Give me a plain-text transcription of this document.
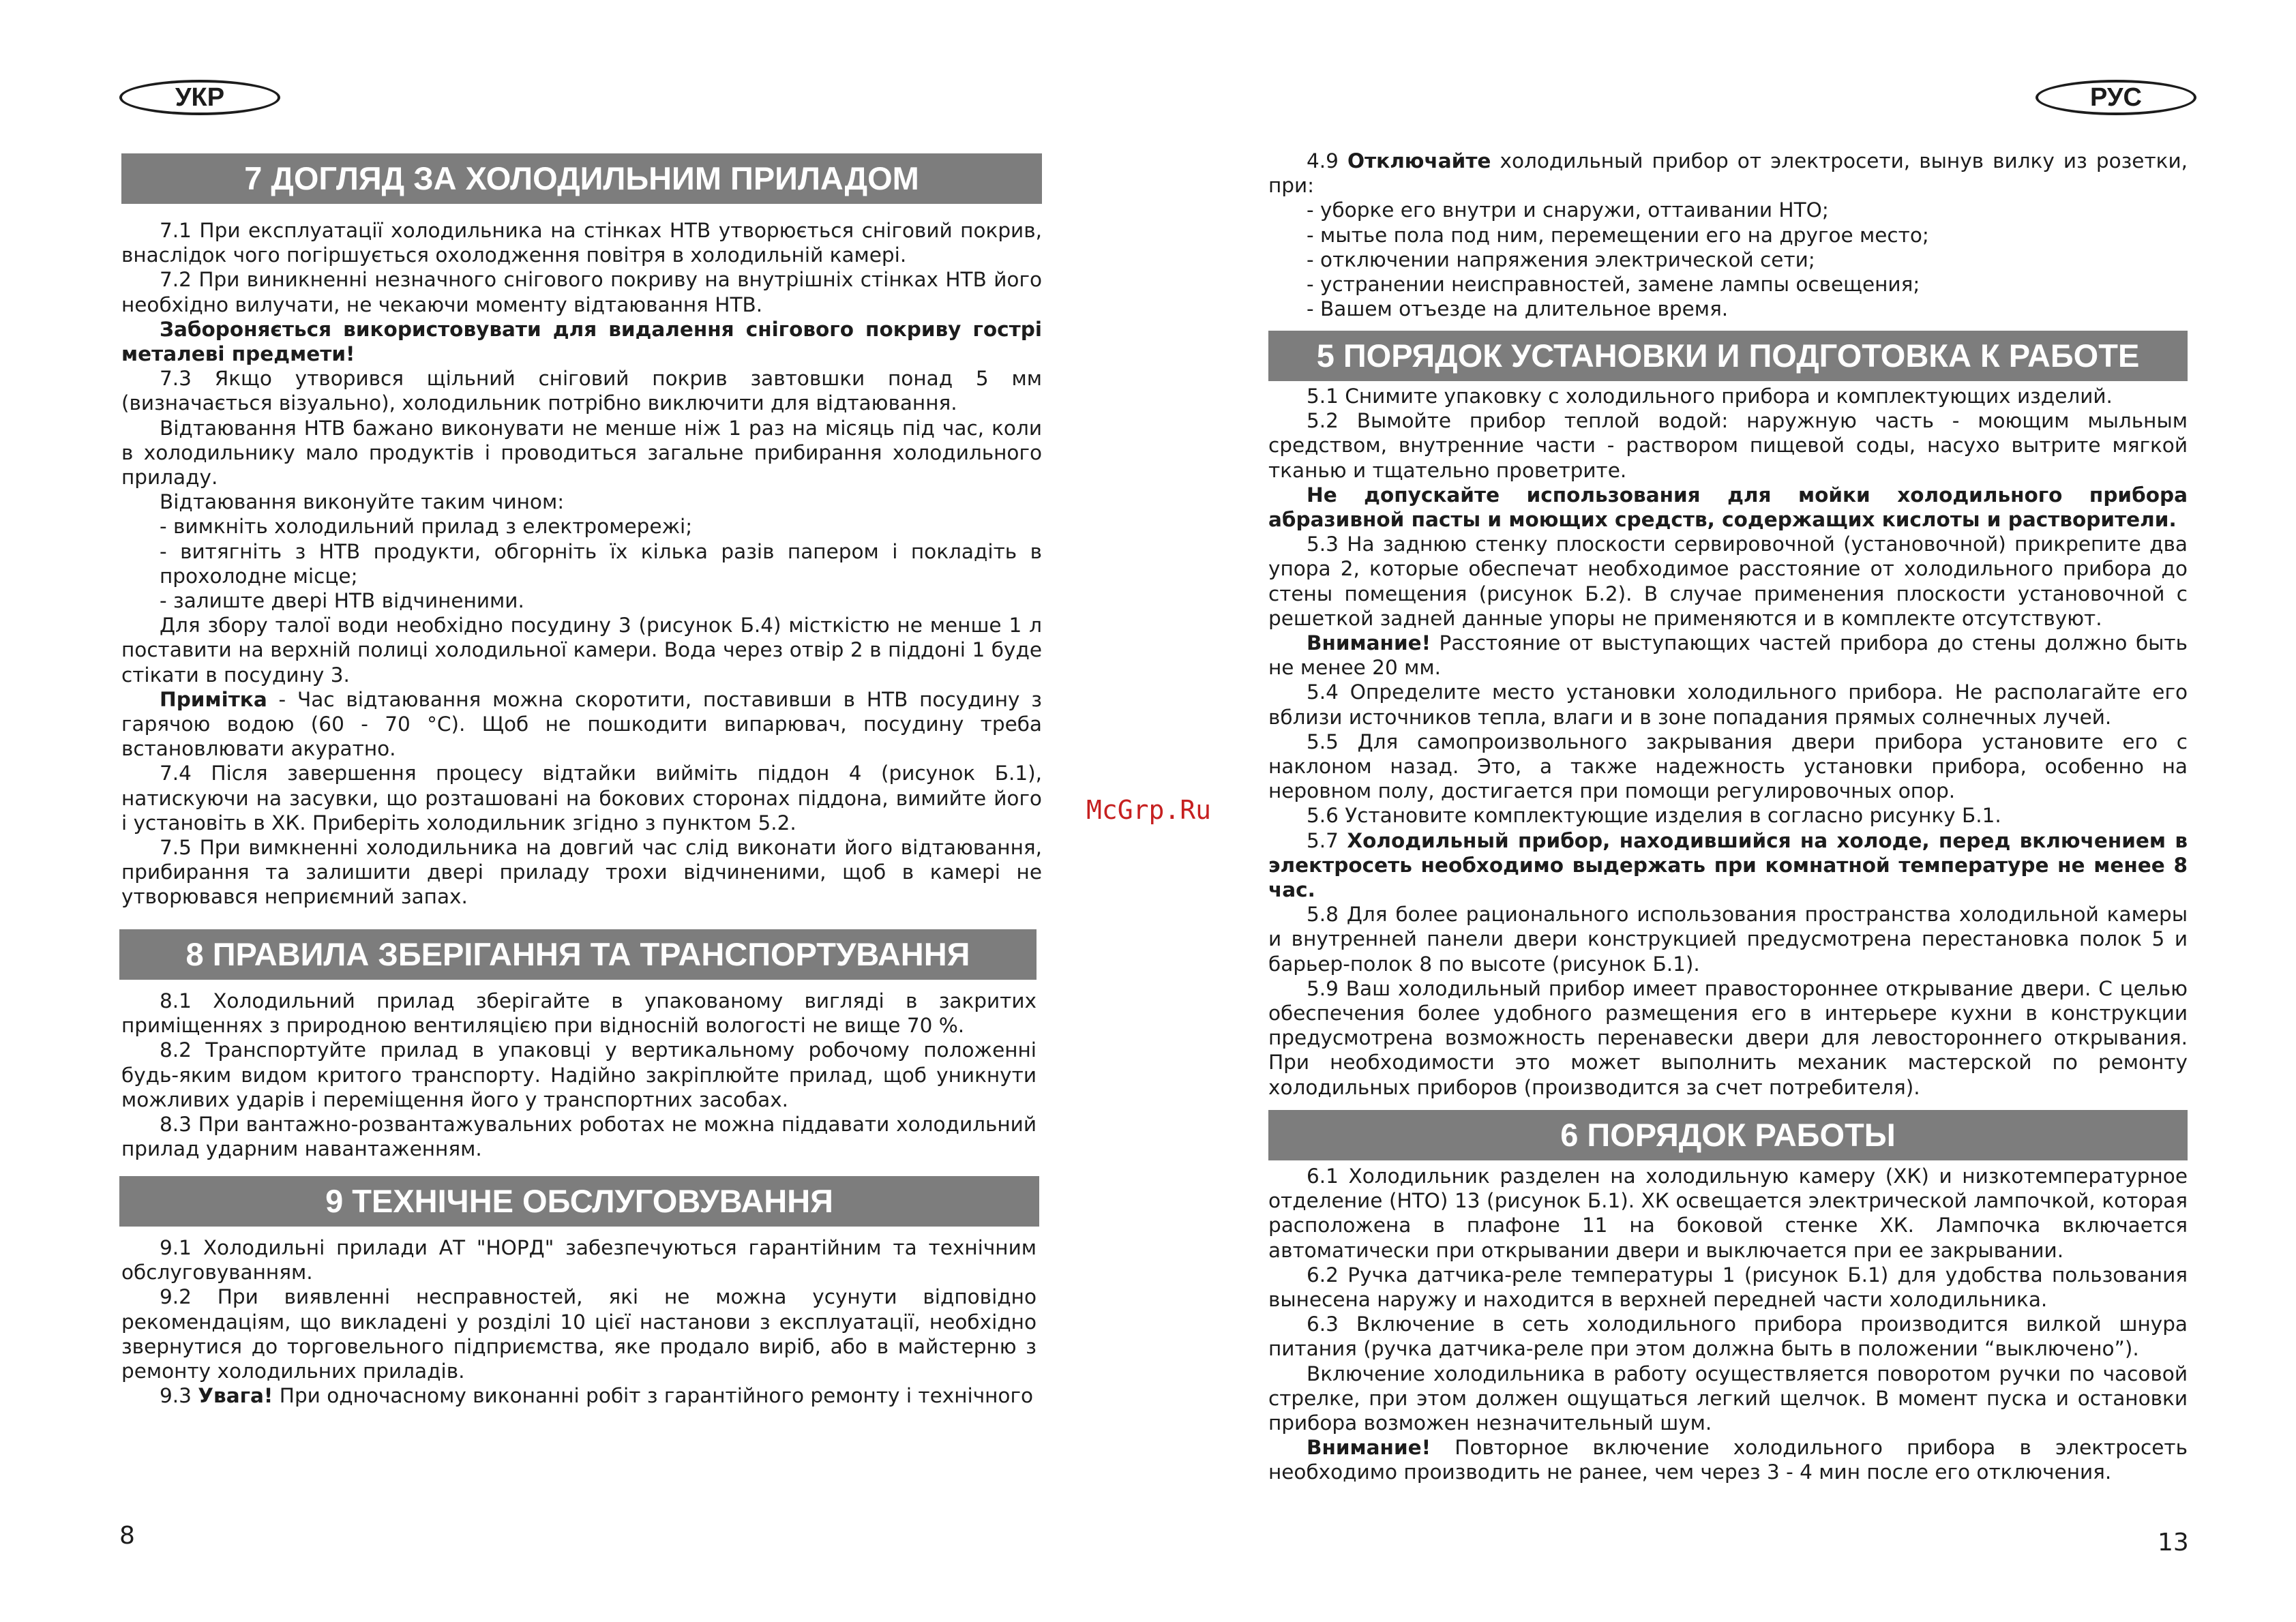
УКР
7 ДОГЛЯД ЗА ХОЛОДИЛЬНИМ ПРИЛАДОМ

7.1 При експлуатації холодильника на стінках НТВ утворюється сніговий покрив, внаслідок чого погіршується охолодження повітря в холодильній камері.

7.2 При виникненні незначного снігового покриву на внутрішніх стінках НТВ його необхідно вилучати, не чекаючи моменту відтаювання НТВ.

Забороняється використовувати для видалення снігового покриву гострі металеві предмети!

7.3 Якщо утворився щільний сніговий покрив завтовшки понад 5 мм (визначається візуально), холодильник потрібно виключити для відтаювання.

Відтаювання НТВ бажано виконувати не менше ніж 1 раз на місяць під час, коли в холодильнику мало продуктів і проводиться загальне прибирання холодильного приладу.

Відтаювання виконуйте таким чином:

- вимкніть холодильний прилад з електромережі;

- витягніть з НТВ продукти, обгорніть їх кілька разів папером і покладіть в прохолодне місце;

- залиште двері НТВ відчиненими.

Для збору талої води необхідно посудину 3 (рисунок Б.4) місткістю не менше 1 л поставити на верхній полиці холодильної камери. Вода через отвір 2 в піддоні 1 буде стікати в посудину 3.

Примітка - Час відтаювання можна скоротити, поставивши в НТВ посудину з гарячою водою (60 - 70 °С). Щоб не пошкодити випарювач, посудину треба встановлювати акуратно.

7.4 Після завершення процесу відтайки вийміть піддон 4 (рисунок Б.1), натискуючи на засувки, що розташовані на бокових сторонах піддона, вимийте його і установіть в ХК. Приберіть холодильник згідно з пунктом 5.2.

7.5 При вимкненні холодильника на довгий час слід виконати його відтаювання, прибирання та залишити двері приладу трохи відчиненими, щоб в камері не утворювався неприємний запах.

8 ПРАВИЛА ЗБЕРІГАННЯ ТА ТРАНСПОРТУВАННЯ

8.1 Холодильний прилад зберігайте в упакованому вигляді в закритих приміщеннях з природною вентиляцією при відносній вологості не вище 70 %.

8.2 Транспортуйте прилад в упаковці у вертикальному робочому положенні будь-яким видом критого транспорту. Надійно закріплюйте прилад, щоб уникнути можливих ударів і переміщення його у транспортних засобах.

8.3 При вантажно-розвантажувальних роботах не можна піддавати холодильний прилад ударним навантаженням.

9 ТЕХНІЧНЕ ОБСЛУГОВУВАННЯ

9.1 Холодильні прилади АТ "НОРД" забезпечуються гарантійним та технічним обслуговуванням.

9.2 При виявленні несправностей, які не можна усунути відповідно рекомендаціям, що викладені у розділі 10 цієї настанови з експлуатації, необхідно звернутися до торговельного підприємства, яке продало виріб, або в майстерню з ремонту холодильних приладів.

9.3 Увага! При одночасному виконанні робіт з гарантійного ремонту і технічного

8
РУС

4.9 Отключайте холодильный прибор от электросети, вынув вилку из розетки, при:

- уборке его внутри и снаружи, оттаивании НТО;

- мытье пола под ним, перемещении его на другое место;

- отключении напряжения электрической сети;

- устранении неисправностей, замене лампы освещения;

- Вашем отъезде на длительное время.

5 ПОРЯДОК УСТАНОВКИ И ПОДГОТОВКА К РАБОТЕ

5.1 Снимите упаковку с холодильного прибора и комплектующих изделий.

5.2 Вымойте прибор теплой водой: наружную часть - моющим мыльным средством, внутренние части - раствором пищевой соды, насухо вытрите мягкой тканью и тщательно проветрите.

Не допускайте использования для мойки холодильного прибора абразивной пасты и моющих средств, содержащих кислоты и растворители.

5.3 На заднюю стенку плоскости сервировочной (установочной) прикрепите два упора 2, которые обеспечат необходимое расстояние от холодильного прибора до стены помещения (рисунок Б.2). В случае применения плоскости установочной с решеткой задней данные упоры не применяются и в комплекте отсутствуют.

Внимание! Расстояние от выступающих частей прибора до стены должно быть не менее 20 мм.

5.4 Определите место установки холодильного прибора. Не располагайте его вблизи источников тепла, влаги и в зоне попадания прямых солнечных лучей.

5.5 Для самопроизвольного закрывания двери прибора установите его с наклоном назад. Это, а также надежность установки прибора, особенно на неровном полу, достигается при помощи регулировочных опор.

5.6 Установите комплектующие изделия в согласно рисунку Б.1.

5.7 Холодильный прибор, находившийся на холоде, перед включением в электросеть необходимо выдержать при комнатной температуре не менее 8 час.

5.8 Для более рационального использования пространства холодильной камеры и внутренней панели двери конструкцией предусмотрена перестановка полок 5 и барьер-полок 8 по высоте (рисунок Б.1).

5.9 Ваш холодильный прибор имеет правостороннее открывание двери. С целью обеспечения более удобного размещения его в интерьере кухни в конструкции предусмотрена возможность перенавески двери для левостороннего открывания. При необходимости это может выполнить механик мастерской по ремонту холодильных приборов (производится за счет потребителя).

6 ПОРЯДОК РАБОТЫ

6.1 Холодильник разделен на холодильную камеру (ХК) и низкотемпературное отделение (НТО) 13 (рисунок Б.1). ХК освещается электрической лампочкой, которая расположена в плафоне 11 на боковой стенке ХК. Лампочка включается автоматически при открывании двери и выключается при ее закрывании.

6.2 Ручка датчика-реле температуры 1 (рисунок Б.1) для удобства пользования вынесена наружу и находится в верхней передней части холодильника.

6.3 Включение в сеть холодильного прибора производится вилкой шнура питания (ручка датчика-реле при этом должна быть в положении “выключено”).

Включение холодильника в работу осуществляется поворотом ручки по часовой стрелке, при этом должен ощущаться легкий щелчок. В момент пуска и остановки прибора возможен незначительный шум.

Внимание! Повторное включение холодильного прибора в электросеть необходимо производить не ранее, чем через 3 - 4 мин после его отключения.

13
McGrp.Ru
